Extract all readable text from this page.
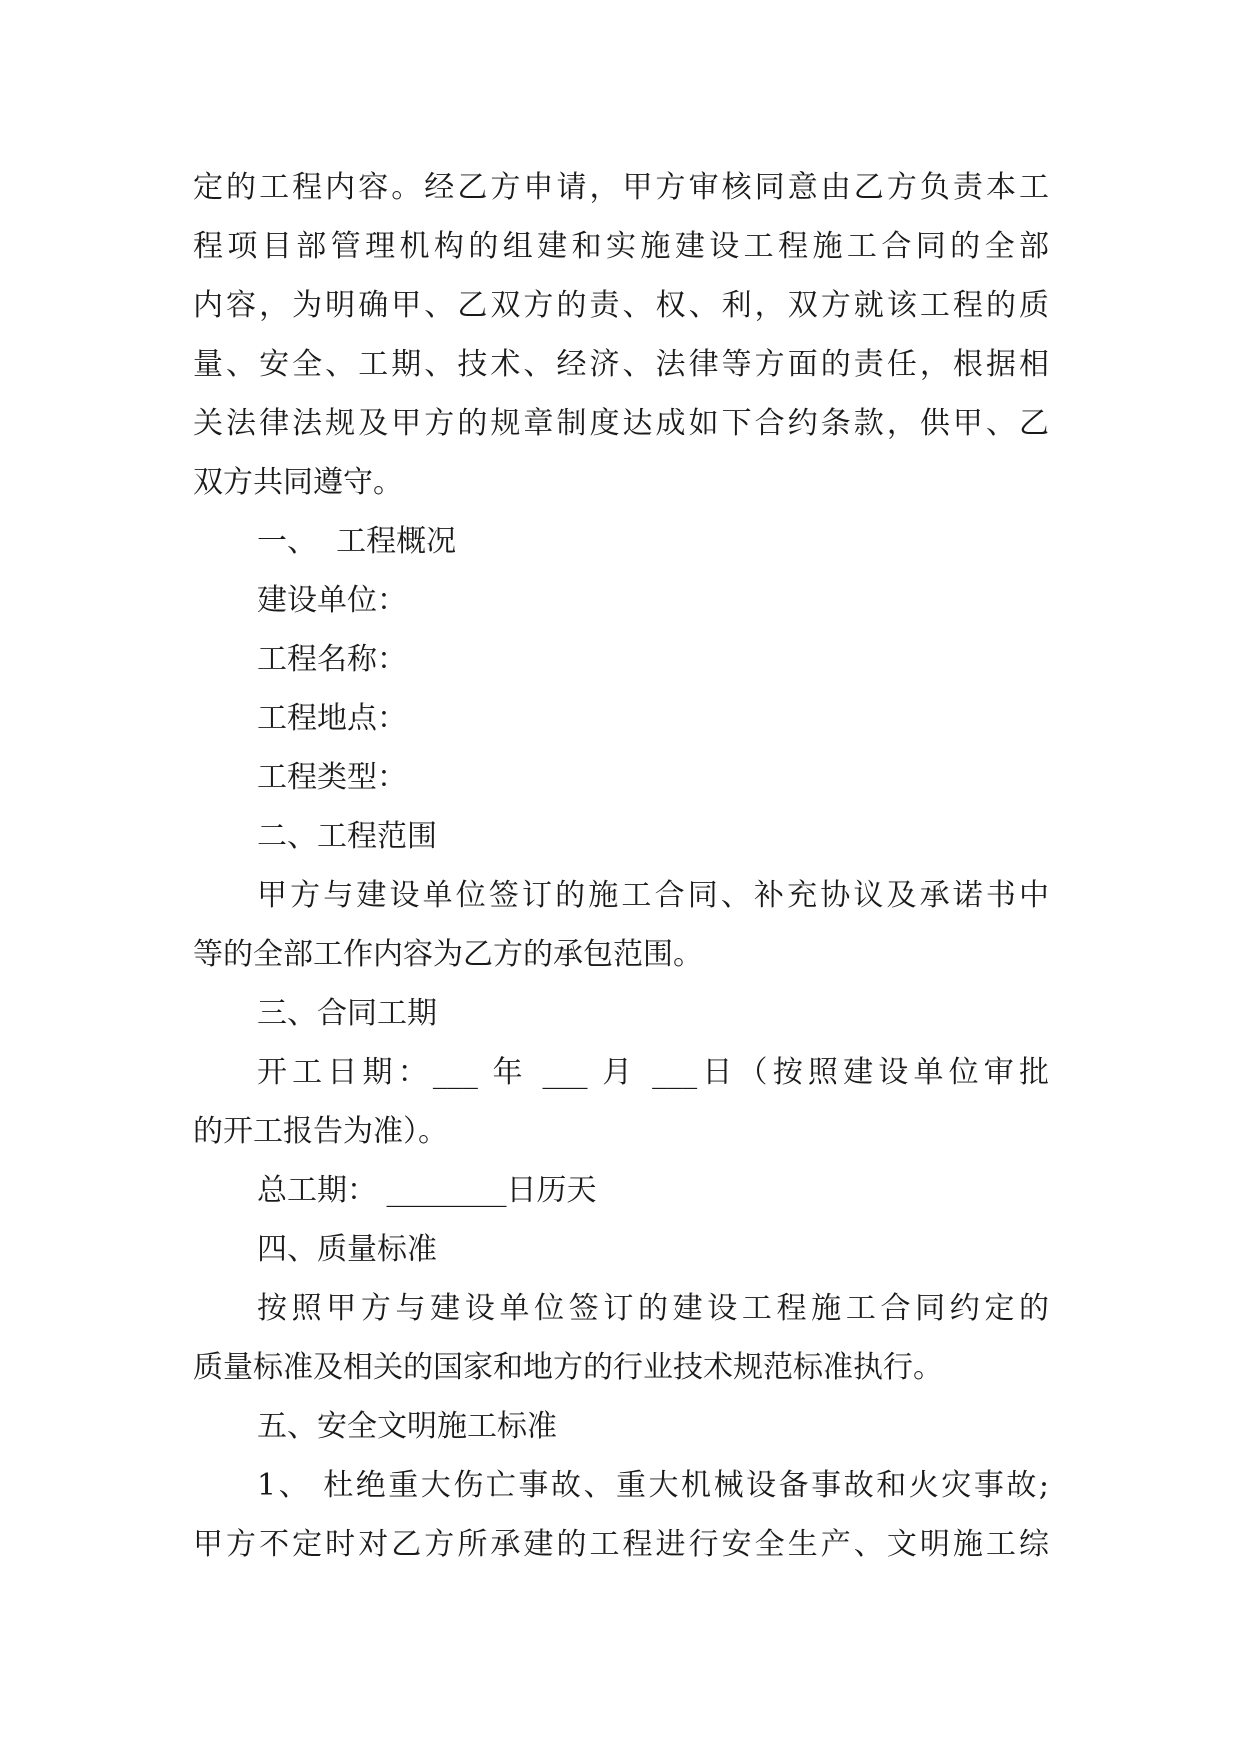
定的工程内容。经乙方申请，甲方审核同意由乙方负责本工
程项目部管理机构的组建和实施建设工程施工合同的全部
内容，为明确甲、乙双方的责、权、利，双方就该工程的质
量、安全、工期、技术、经济、法律等方面的责任，根据相
关法律法规及甲方的规章制度达成如下合约条款，供甲、乙
双方共同遵守。
一、  工程概况
建设单位：
工程名称：
工程地点：
工程类型：
二、工程范围
甲方与建设单位签订的施工合同、补充协议及承诺书中
等的全部工作内容为乙方的承包范围。
三、合同工期
开工日期：___ 年 ___ 月 ___日（按照建设单位审批
的开工报告为准）。
总工期： ________日历天
四、质量标准
按照甲方与建设单位签订的建设工程施工合同约定的
质量标准及相关的国家和地方的行业技术规范标准执行。
五、安全文明施工标准
1、 杜绝重大伤亡事故、重大机械设备事故和火灾事故;
甲方不定时对乙方所承建的工程进行安全生产、文明施工综
